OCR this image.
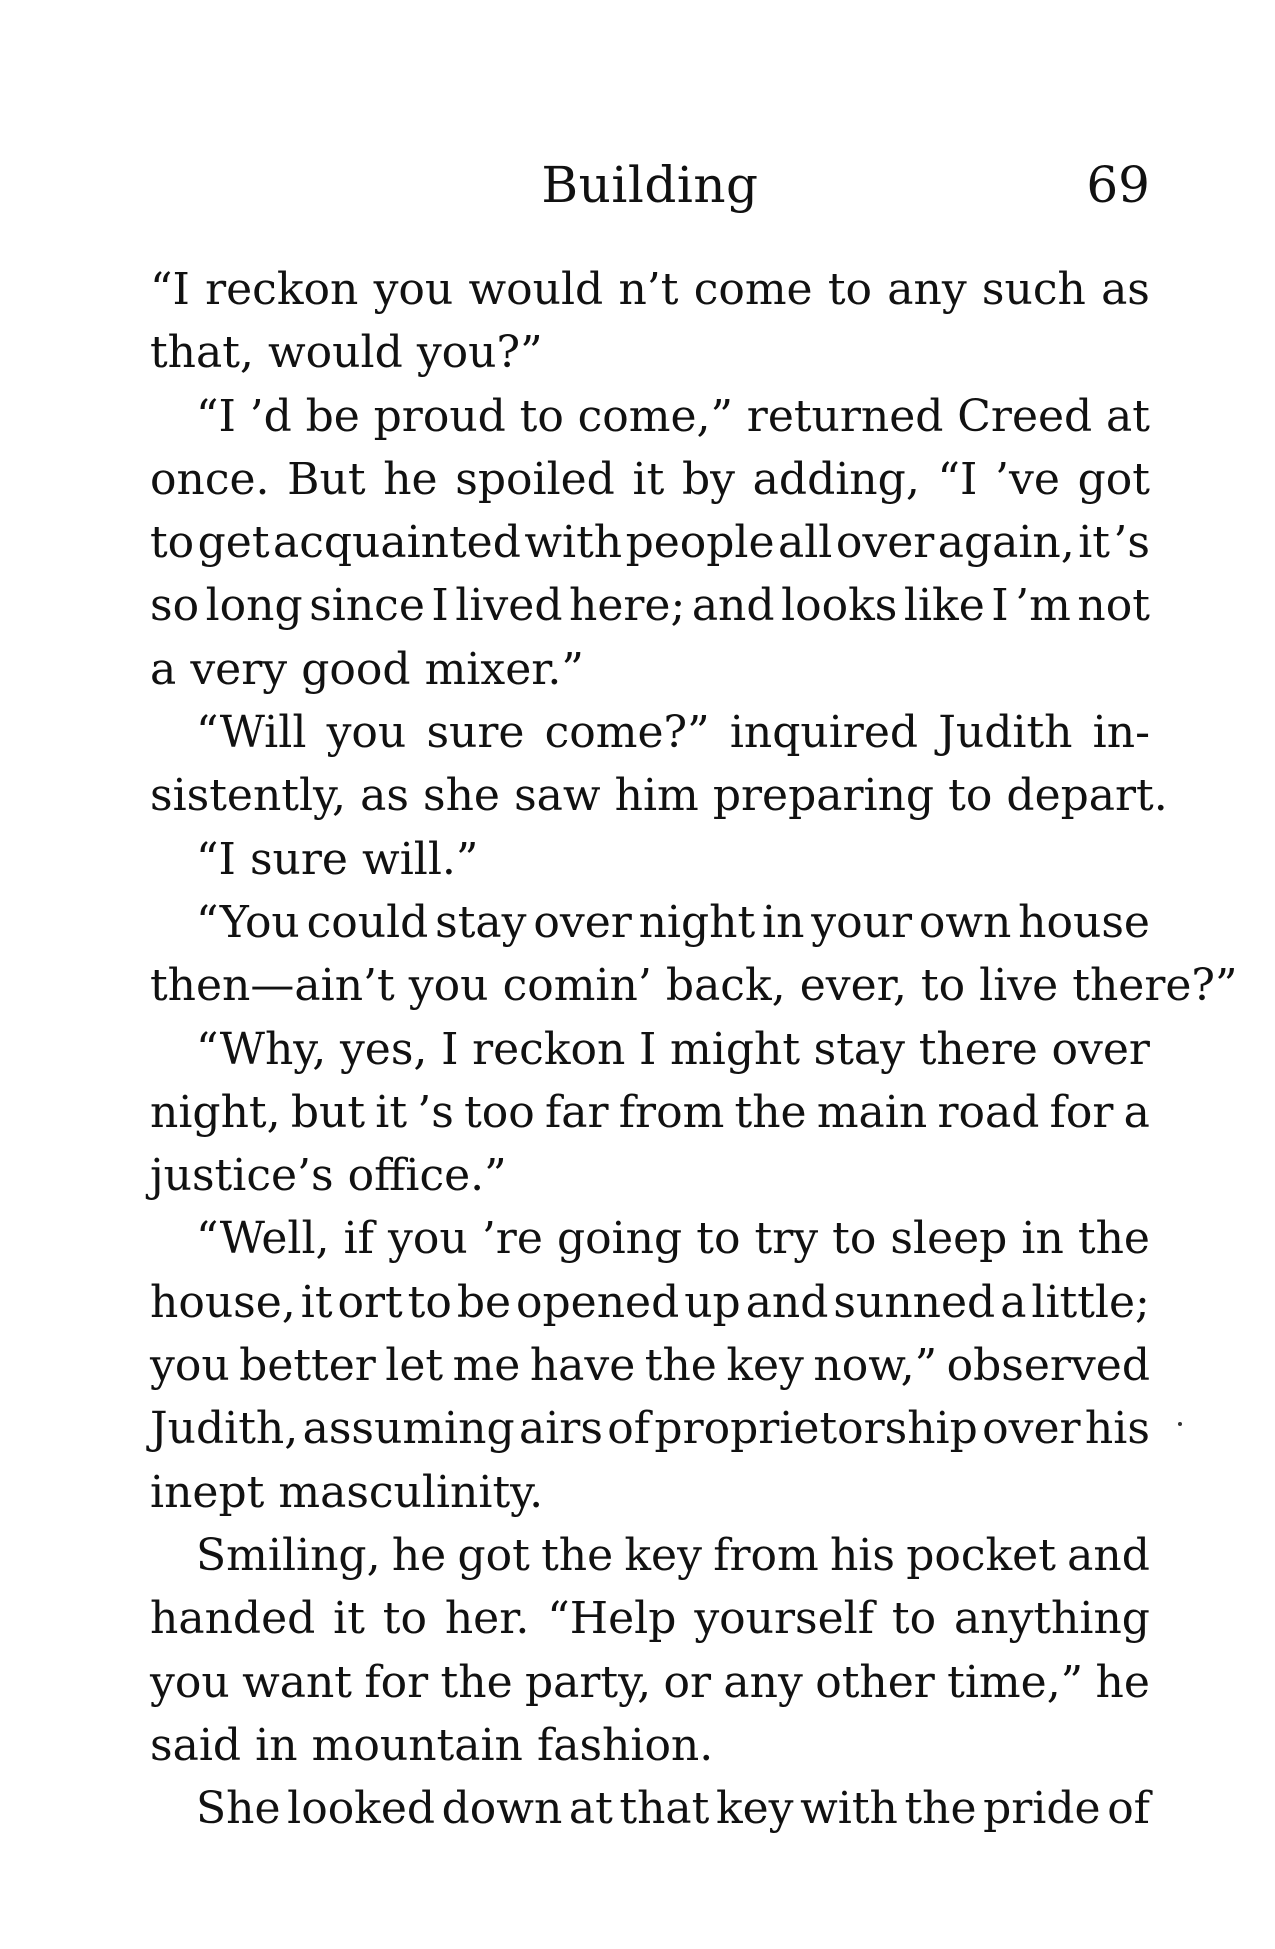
Building	69
“I reckon you would n’t come to any such as
that, would you?”
“I ’d be proud to come,” returned Creed at
once. But he spoiled it by adding, “I ’ve got
to get acquainted with people all over again, it ’s
so long since I lived here; and looks like I ’m not
a very good mixer.”
“Will you sure come?” inquired Judith in-
sistently, as she saw him preparing to depart.
“I sure will.”
“You could stay over night in your own house
then—ain’t you comin’ back, ever, to live there?”
“Why, yes, I reckon I might stay there over
night, but it ’s too far from the main road for a
justice’s office.”
“Well, if you ’re going to try to sleep in the
house, it ort to be opened up and sunned a little;
you better let me have the key now,” observed
Judith, assuming airs of proprietorship over his
inept masculinity.
Smiling, he got the key from his pocket and
handed it to her. “Help yourself to anything
you want for the party, or any other time,” he
said in mountain fashion.
She looked down at that key with the pride of
